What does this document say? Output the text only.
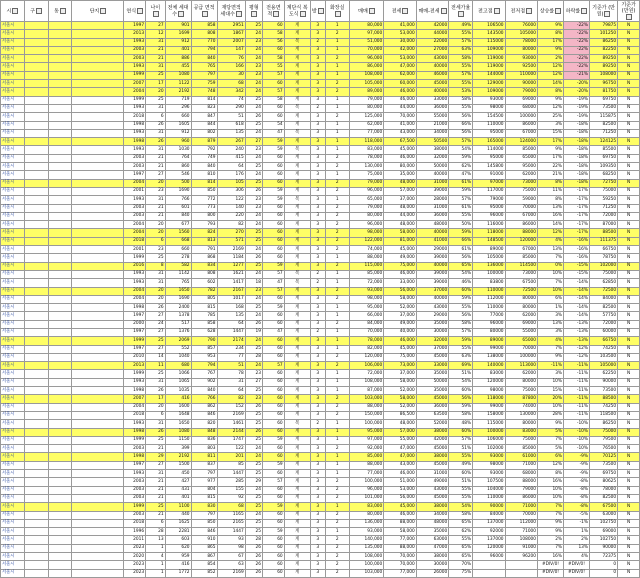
시	구	동	단지	연식	나이	전체 세대수	공급 면적	재당면적 세대수	평형	전용면적	계단식 복도식	방	화장실	매매	전세	매매-전세	전세가율	전고점	전저점	상승률	하락률	기준가 (만원)	기준가 (만원)
서울시				1997	27	901	858	2951	25	60	계	3	1	80,000	41,000	42000	49%	106500	76000	9%	-22%	79875	N
서울시				2013	12	1699	808	1867	24	58	계	3	2	97,000	53,000	44000	55%	143500	105000	8%	-22%	101250	N
서울시				1993	31	912	770	2007	23	56	복	2	1	51,000	30,000	22000	57%	115000	78000	17%	-22%	86250	N
서울시				2003	21	401	794	147	24	60	계	3	1	70,000	42,000	27000	63%	109000	80000	9%	-22%	82250	N
서울시				2003	21	886	840	76	24	58	계	3	2	96,000	53,000	43000	58%	119000	93000	2%	-22%	89250	N
서울시				1993	31	455	765	166	23	55	계	3	1	86,000	47,000	40000	55%	119000	92500	12%	-22%	89250	N
서울시				1999	25	1080	797	30	23	57	계	3	1	108,000	62,000	46000	57%	144000	110000	12%	-21%	108000	N
서울시				2007	17	1122	759	68	24	60	계	3	2	105,000	60,000	45000	55%	129000	90000	14%	-20%	96750	N
서울시				2004	20	2192	748	342	24	57	계	3	2	89,000	46,000	40000	53%	109000	79000	8%	-20%	81750	N
서울시				1999	25	719	814	74	25	58	계	3	1	79,000	46,000	33000	58%	93000	69000	9%	-19%	69750	N
서울시				1993	31	296	823	290	24	60	복	2	1	80,000	44,000	36000	55%	98000	68000	12%	-19%	73500	N
서울시				2018	6	660	847	51	26	60	계	3	2	125,000	70,000	55000	56%	154500	100000	25%	-19%	115875	N
서울시				1998	26	1605	844	618	25	54	계	3	1	62,000	41,000	21000	66%	110000	86000	3%	-18%	82500	N
서울시				1993	31	912	802	135	24	47	복	3	1	77,000	43,000	34000	56%	95000	67000	15%	-18%	71250	N
서울시				1998	26	960	879	267	27	59	계	3	1	118,000	67,500	50500	57%	165000	124000	17%	-18%	124125	N
서울시				1993	31	1030	792	240	23	59	복	3	1	83,000	45,000	38000	54%	114000	85000	9%	-18%	85500	N
서울시				2003	21	764	749	415	24	60	계	3	2	78,000	46,000	32000	59%	95000	65000	17%	-18%	69750	N
서울시				2003	21	860	840	64	25	60	계	3	2	130,000	80,000	50000	62%	145800	95000	22%	-18%	109350	N
서울시				1997	27	546	810	176	24	60	계	3	1	75,000	35,000	40000	47%	91000	62000	21%	-18%	68250	N
서울시				2004	20	500	814	105	25	60	계	3	2	79,000	48,000	31000	61%	97000	73000	8%	-18%	72750	N
서울시				2001	23	1690	850	306	26	59	계	3	2	96,000	57,000	39000	59%	117000	75000	11%	-17%	75000	N
서울시				1993	31	766	772	122	23	59	복	3	1	65,000	37,000	28000	57%	79000	59000	8%	-17%	59250	N
서울시				2003	21	601	773	140	23	60	계	3	2	79,000	48,000	31000	61%	95000	70000	13%	-17%	71250	N
서울시				2003	21	840	800	220	24	60	계	3	2	80,000	44,000	36000	55%	96000	67000	16%	-17%	72000	N
서울시				2004	20	677	793	82	24	60	계	3	2	96,000	48,000	48000	50%	116000	86000	14%	-17%	87000	N
서울시				2004	20	1560	824	270	25	60	계	3	2	98,000	58,000	40000	59%	118000	88000	12%	-17%	88500	N
서울시				2018	6	668	813	571	25	60	계	3	2	122,000	81,000	41000	66%	148500	120000	4%	-16%	111375	N
서울시				2001	23	660	791	2169	24	60	계	3	2	74,000	45,000	29000	61%	89000	67000	13%	-16%	66750	N
서울시				1999	25	278	868	1184	26	60	계	3	1	88,000	49,000	39000	56%	105000	85000	7%	-16%	78750	N
서울시				2016	8	582	834	1277	25	59	계	3	2	115,000	75,000	40000	65%	136000	114500	0%	-15%	102000	N
서울시				1993	31	1142	808	1621	24	57	복	2	1	85,000	46,000	39000	54%	100000	73000	10%	-15%	75000	N
서울시				1993	31	765	602	1417	18	47	복	2	1	72,000	33,000	39000	46%	83800	67500	7%	-14%	62850	N
서울시				2004	20	1650	782	2167	23	57	계	3	2	93,000	56,000	37000	60%	110000	72500	10%	-14%	72500	N
서울시				2004	20	1690	805	1017	24	60	계	3	2	98,000	58,000	40000	59%	112000	80000	6%	-14%	84000	N
서울시				1998	26	2400	815	168	25	59	계	3	1	95,000	52,000	43000	55%	110000	80000	1%	-14%	82500	N
서울시				1997	27	1378	785	135	24	60	계	3	1	66,000	37,000	29000	56%	77000	62000	3%	-14%	57750	N
서울시				2000	24	517	858	64	26	60	계	3	2	84,000	49,000	35000	58%	96000	69000	13%	-13%	72000	N
서울시				1997	27	1376	628	1447	19	47	계	2	1	70,000	40,000	30000	57%	80000	55000	3%	-13%	60000	N
서울시				1999	25	2069	790	2174	24	60	계	3	1	78,000	46,000	32000	59%	89000	65000	4%	-13%	66750	N
서울시				1997	27	552	857	234	25	60	계	3	1	82,000	45,000	37000	55%	99000	70000	7%	-12%	74250	N
서울시				2010	14	1040	953	77	28	60	계	3	2	120,000	75,000	45000	63%	138000	100000	9%	-12%	103500	N
서울시				2013	11	680	794	51	24	57	계	3	2	106,000	73,000	33000	69%	140000	113000	-11%	-11%	105000	N
서울시				1999	25	1066	767	78	23	60	계	3	1	72,000	37,000	35000	51%	83000	62000	3%	-11%	62250	N
서울시				1993	31	1065	902	31	27	60	계	3	1	108,000	58,000	50000	54%	120000	80000	10%	-11%	90000	N
서울시				1998	26	1035	840	64	25	60	계	3	1	87,000	52,000	35000	60%	98000	75000	15%	-11%	73500	N
서울시				2007	17	416	766	82	23	60	계	3	2	103,000	58,000	45000	56%	118000	87800	20%	-11%	88500	N
서울시				2004	20	1600	862	152	26	60	계	3	2	88,000	52,000	36000	59%	99000	74000	10%	-11%	74250	N
서울시				2018	6	1648	846	2169	25	60	계	3	2	150,000	86,500	63500	58%	158000	130000	28%	-11%	118500	N
서울시				1993	31	1650	820	1461	25	60	복	2	1	100,000	48,000	52000	48%	115000	80000	9%	-10%	86250	N
서울시				1998	26	1080	848	2144	26	60	계	3	1	95,000	57,000	38000	60%	100000	83000	5%	-10%	75000	N
서울시				1999	25	1150	836	1747	25	59	계	3	1	97,000	55,000	42000	57%	106000	75000	7%	-10%	79500	N
서울시				2003	21	399	803	122	24	60	계	3	2	92,000	47,000	45000	51%	102000	85000	5%	-10%	76500	N
서울시				1998	29	2192	811	201	24	60	계	3	1	85,000	47,000	38000	55%	93000	61000	6%	-9%	70125	N
서울시				1997	27	1500	837	85	25	59	계	3	1	88,000	43,000	45000	49%	98000	71000	12%	-9%	73500	N
서울시				1993	31	450	797	1447	25	60	계	3	1	77,000	46,000	31000	60%	93000	68000	8%	-9%	69750	N
서울시				2003	21	427	977	285	29	57	계	3	2	100,000	51,000	49000	51%	107500	88000	16%	-8%	80625	N
서울시				2003	21	431	804	155	24	60	계	3	2	96,000	53,000	43000	55%	104000	79000	10%	-8%	78000	N
서울시				2003	21	401	815	92	25	60	계	3	2	101,000	56,000	45000	55%	110000	86000	10%	-8%	82500	N
서울시				1999	25	1100	830	68	25	59	계	3	1	83,000	45,000	38000	54%	90000	71000	7%	-8%	67500	N
서울시				2003	21	440	797	1165	24	60	계	3	2	80,000	46,000	34000	58%	84000	70000	7%	-5%	63000	N
서울시				2018	6	1625	850	2165	25	60	계	3	2	136,000	88,000	48000	65%	137000	112000	9%	-1%	102750	N
서울시				1996	28	2281	846	1447	25	59	계	3	1	93,000	58,000	35000	62%	92000	71000	9%	1%	69000	N
서울시				2011	13	603	910	93	28	60	계	3	2	140,000	77,000	63000	55%	137000	108000	2%	2%	102750	N
서울시				2023	1	620	865	98	26	60	계	3	2	135,000	88,000	47000	65%	120000	91000	7%	13%	90000	N
서울시				2020	4	959	867	67	26	60	계	3	2	108,000	70,000	38000	65%	96000	96200	16%	4%	72375	N
서울시				2023	1	416	854	63	26	60	계	3	2	100,000	70,000	30000	70%			#DIV/0!	#DIV/0!	0	N
서울시				2023	1	1772	852	2169	26	60	계	3	2	103,000	77,000	26000	75%			#DIV/0!	#DIV/0!	0	N
